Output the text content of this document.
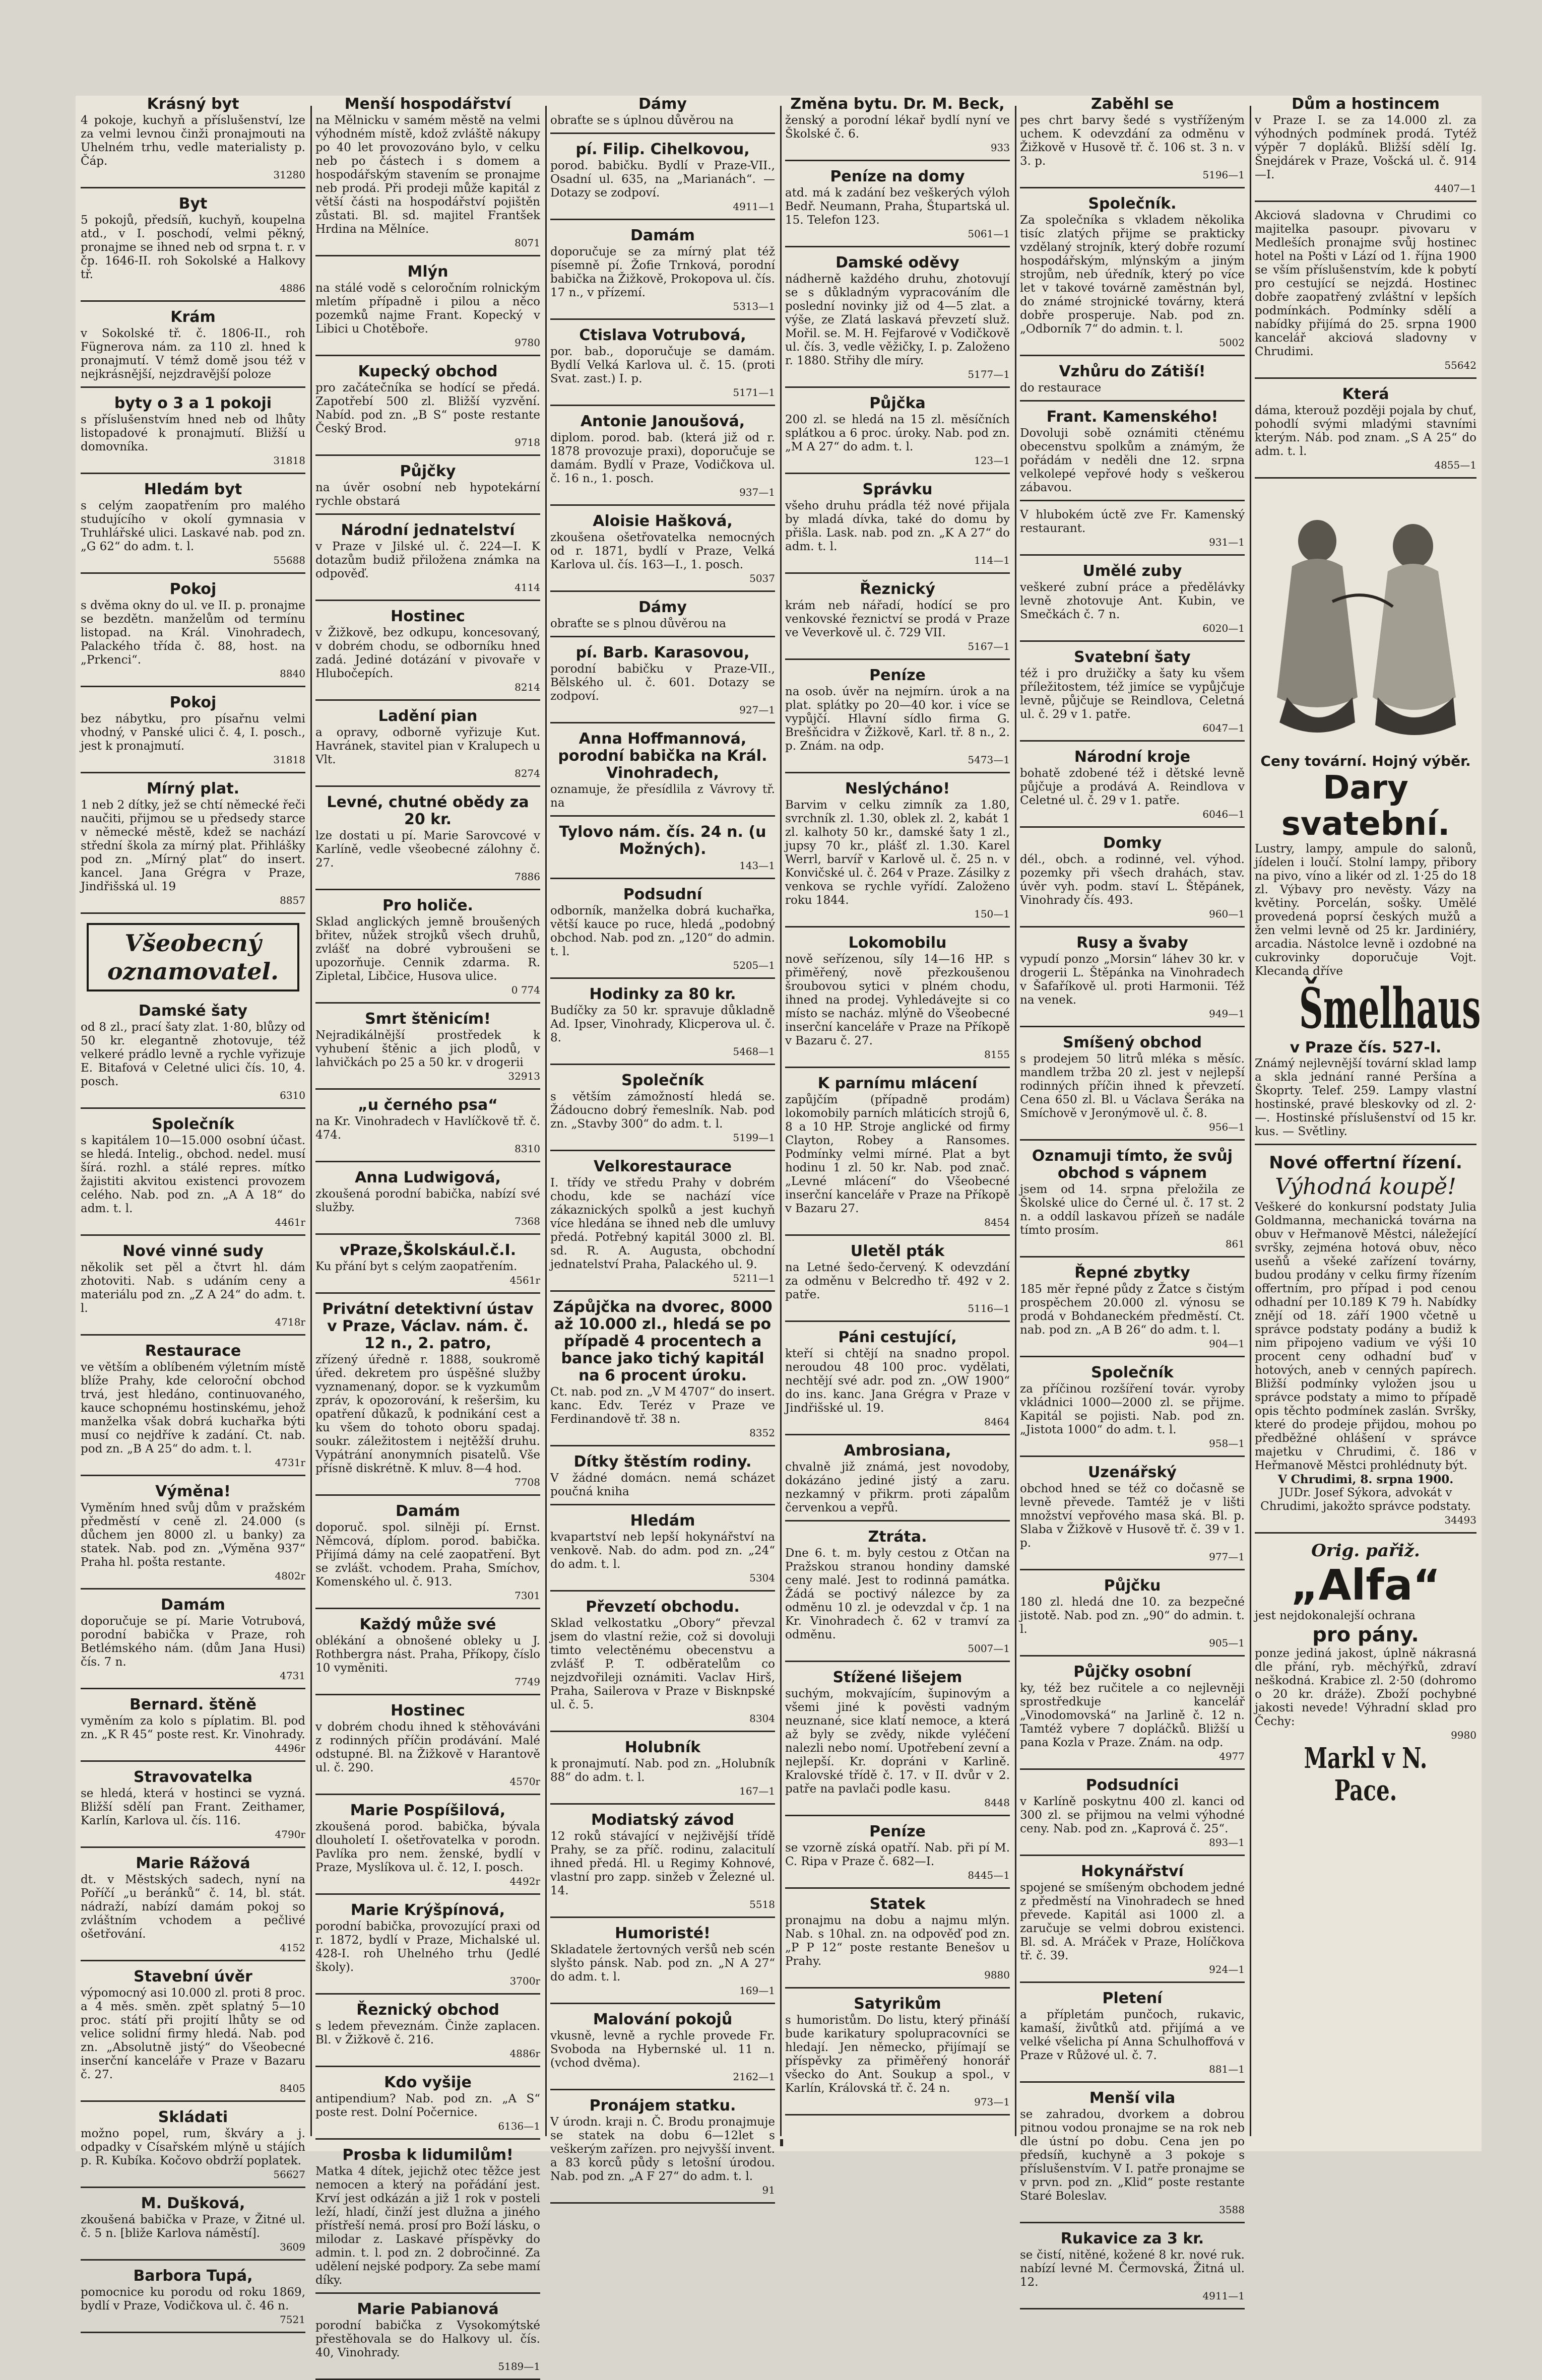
Krásný byt
4 pokoje, kuchyň a příslušenství, lze za velmi levnou činži pronajmouti na Uhelném trhu, vedle materialisty p. Čáp.
31280
Byt
5 pokojů, předsíň, kuchyň, koupelna atd., v I. poschodí, velmi pěkný, pronajme se ihned neb od srpna t. r. v čp. 1646-II. roh Sokolské a Halkovy tř.
4886
Krám
v Sokolské tř. č. 1806-II., roh Fügnerova nám. za 110 zl. hned k pronajmutí. V témž domě jsou též v nejkrásnější, nejzdravější poloze
byty o 3 a 1 pokoji
s příslušenstvím hned neb od lhůty listopadové k pronajmutí. Bližší u domovníka.
31818
Hledám byt
s celým zaopatřením pro malého studujícího v okolí gymnasia v Truhlářské ulici. Laskavé nab. pod zn. „G 62“ do adm. t. l.
55688
Pokoj
s dvěma okny do ul. ve II. p. pronajme se bezdětn. manželům od termínu listopad. na Král. Vinohradech, Palackého třída č. 88, host. na „Prkenci“.
8840
Pokoj
bez nábytku, pro písařnu velmi vhodný, v Panské ulici č. 4, I. posch., jest k pronajmutí.
31818
Mírný plat.
1 neb 2 dítky, jež se chtí německé řeči naučiti, přijmou se u předsedy starce v německé městě, kdež se nachází střední škola za mírný plat. Přihlášky pod zn. „Mírný plat“ do insert. kancel. Jana Grégra v Praze, Jindřišská ul. 19
8857
Všeobecný oznamovatel.
Damské šaty
od 8 zl., prací šaty zlat. 1·80, blůzy od 50 kr. elegantně zhotovuje, též velkeré prádlo levně a rychle vyřizuje E. Bitafová v Celetné ulici čís. 10, 4. posch.
6310
Společník
s kapitálem 10—15.000 osobní účast. se hledá. Intelig., obchod. nedel. musí šírá. rozhl. a stálé repres. mítko žajistiti akvitou existenci provozem celého. Nab. pod zn. „A A 18“ do adm. t. l.
4461r
Nové vinné sudy
několik set pěl a čtvrt hl. dám zhotoviti. Nab. s udáním ceny a materiálu pod zn. „Z A 24“ do adm. t. l.
4718r
Restaurace
ve větším a oblíbeném výletním místě blíže Prahy, kde celoroční obchod trvá, jest hledáno, continuovaného, kauce schopnému hostinskému, jehož manželka však dobrá kuchařka býti musí co nejdříve k zadání. Ct. nab. pod zn. „B A 25“ do adm. t. l.
4731r
Výměna!
Vyměním hned svůj dům v pražském předměstí v ceně zl. 24.000 (s důchem jen 8000 zl. u banky) za statek. Nab. pod zn. „Výměna 937“ Praha hl. pošta restante.
4802r
Damám
doporučuje se pí. Marie Votrubová, porodní babička v Praze, roh Betlémského nám. (dům Jana Husi) čís. 7 n.
4731
Bernard. štěně
vyměním za kolo s píplatim. Bl. pod zn. „K R 45“ poste rest. Kr. Vinohrady.
4496r
Stravovatelka
se hledá, která v hostinci se vyzná. Bližší sdělí pan Frant. Zeithamer, Karlín, Karlova ul. čís. 116.
4790r
Marie Rážová
dt. v Městských sadech, nyní na Poříčí „u beránků“ č. 14, bl. stát. nádraží, nabízí damám pokoj so zvláštním vchodem a pečlivé ošetřování.
4152
Stavební úvěr
výpomocný asi 10.000 zl. proti 8 proc. a 4 měs. směn. zpět splatný 5—10 proc. státí při projití lhůty se od velice solidní firmy hledá. Nab. pod zn. „Absolutně jistý“ do Všeobecné inserční kanceláře v Praze v Bazaru č. 27.
8405
Skládati
možno popel, rum, škváry a j. odpadky v Císařském mlýně u stájích p. R. Kubíka. Kočovo obdrží poplatek.
56627
M. Dušková,
zkoušená babička v Praze, v Žitné ul. č. 5 n. [bliže Karlova náměstí].
3609
Barbora Tupá,
pomocnice ku porodu od roku 1869, bydlí v Praze, Vodičkova ul. č. 46 n.
7521
Menší hospodářství
na Mělnicku v samém městě na velmi výhodném místě, kdož zvláště nákupy po 40 let provozováno bylo, v celku neb po částech i s domem a hospodářským stavením se pronajme neb prodá. Při prodeji může kapitál z větší části na hospodářství pojištěn zůstati. Bl. sd. majitel Frantšek Hrdina na Mělníce.
8071
Mlýn
na stálé vodě s celoročním rolnickým mletím případně i pilou a něco pozemků najme Frant. Kopecký v Libici u Chotěboře.
9780
Kupecký obchod
pro začátečníka se hodící se předá. Zapotřebí 500 zl. Bližší vyzvění. Nabíd. pod zn. „B S“ poste restante Český Brod.
9718
Půjčky
na úvěr osobní neb hypotekární rychle obstará
Národní jednatelství
v Praze v Jilské ul. č. 224—I. K dotazům budiž přiložena známka na odpověď.
4114
Hostinec
v Žižkově, bez odkupu, koncesovaný, v dobrém chodu, se odborníku hned zadá. Jediné dotázání v pivovaře v Hlubočepích.
8214
Ladění pian
a opravy, odborně vyřizuje Kut. Havránek, stavitel pian v Kralupech u Vlt.
8274
Levné, chutné obědy za 20 kr.
lze dostati u pí. Marie Sarovcové v Karlíně, vedle všeobecné zálohny č. 27.
7886
Pro holiče.
Sklad anglických jemně broušených břitev, nůžek strojků všech druhů, zvlášť na dobré vybroušeni se upozorňuje. Cennik zdarma. R. Zipletal, Libčice, Husova ulice.
0 774
Smrt štěnicím!
Nejradikálnější prostředek k vyhubení štěnic a jich plodů, v lahvičkách po 25 a 50 kr. v drogerii
32913
„u černého psa“
na Kr. Vinohradech v Havlíčkově tř. č. 474.
8310
Anna Ludwigová,
zkoušená porodní babička, nabízí své služby.
7368
vPraze,Školskául.č.I.
Ku přání byt s celým zaopatřením.
4561r
Privátní detektivní ústav v Praze, Václav. nám. č. 12 n., 2. patro,
zřízený úředně r. 1888, soukromě úřed. dekretem pro úspěšné služby vyznamenaný, dopor. se k vyzkumům zpráv, k opozorování, k rešeršim, ku opatření důkazů, k podnikání cest a ku všem do tohoto oboru spadaj. soukr. záležitostem i nejtěžší druhu. Vypátrání anonymních pisatelů. Vše přísně diskrétně. K mluv. 8—4 hod.
7708
Damám
doporuč. spol. silněji pí. Ernst. Němcová, díplom. porod. babička. Přijímá dámy na celé zaopatření. Byt se zvlášt. vchodem. Praha, Smíchov, Komenského ul. č. 913.
7301
Každý může své
oblékání a obnošené obleky u J. Rothbergra nást. Praha, Příkopy, číslo 10 vyměniti.
7749
Hostinec
v dobrém chodu ihned k stěhováváni z rodinných příčin prodávání. Malé odstupné. Bl. na Žižkově v Harantově ul. č. 290.
4570r
Marie Pospíšilová,
zkoušená porod. babička, bývala dlouholetí I. ošetřovatelka v porodn. Pavlíka pro nem. ženské, bydlí v Praze, Myslíkova ul. č. 12, I. posch.
4492r
Marie Krýšpínová,
porodní babička, provozující praxi od r. 1872, bydlí v Praze, Michalské ul. 428-I. roh Uhelného trhu (Jedlé školy).
3700r
Řeznický obchod
s ledem převeznám. Činže zaplacen. Bl. v Žižkově č. 216.
4886r
Kdo vyšije
antipendium? Nab. pod zn. „A S“ poste rest. Dolní Počernice.
6136—1
Prosba k lidumilům!
Matka 4 dítek, jejichž otec těžce jest nemocen a který na pořádání jest. Krví jest odkázán a již 1 rok v posteli leží, hladí, činží jest dlužna a jiného přístřeší nemá. prosí pro Boží lásku, o milodar z. Laskavé příspěvky do admin. t. l. pod zn. 2 dobročinné. Za udělení nejské podpory. Za sebe mamí díky.
Marie Pabianová
porodní babička z Vysokomýtské přestěhovala se do Halkovy ul. čís. 40, Vinohrady.
5189—1
Dámy
obraťte se s úplnou důvěrou na
pí. Filip. Cihelkovou,
porod. babičku. Bydlí v Praze-VII., Osadní ul. 635, na „Marianách“. — Dotazy se zodpoví.
4911—1
Damám
doporučuje se za mírný plat též písemně pí. Žofie Trnková, porodní babička na Žižkově, Prokopova ul. čís. 17 n., v přízemí.
5313—1
Ctislava Votrubová,
por. bab., doporučuje se damám. Bydlí Velká Karlova ul. č. 15. (proti Svat. zast.) I. p.
5171—1
Antonie Janoušová,
diplom. porod. bab. (která již od r. 1878 provozuje praxi), doporučuje se damám. Bydlí v Praze, Vodičkova ul. č. 16 n., 1. posch.
937—1
Aloisie Hašková,
zkoušena ošetřovatelka nemocných od r. 1871, bydlí v Praze, Velká Karlova ul. čís. 163—I., 1. posch.
5037
Dámy
obraťte se s plnou důvěrou na
pí. Barb. Karasovou,
porodní babičku v Praze-VII., Bělského ul. č. 601. Dotazy se zodpoví.
927—1
Anna Hoffmannová, porodní babička na Král. Vinohradech,
oznamuje, že přesídlila z Vávrovy tř. na
Tylovo nám. čís. 24 n. (u Možných).
143—1
Podsudní
odborník, manželka dobrá kuchařka, větší kauce po ruce, hledá „podobný obchod. Nab. pod zn. „120“ do admin. t. l.
5205—1
Hodinky za 80 kr.
Budíčky za 50 kr. spravuje důkladně Ad. Ipser, Vinohrady, Klicperova ul. č. 8.
5468—1
Společník
s větším zámožností hledá se. Žádoucno dobrý řemeslník. Nab. pod zn. „Stavby 300“ do adm. t. l.
5199—1
Velkorestaurace
I. třídy ve středu Prahy v dobrém chodu, kde se nachází více zákaznických spolků a jest kuchyň více hledána se ihned neb dle umluvy předá. Potřebný kapitál 3000 zl. Bl. sd. R. A. Augusta, obchodní jednatelství Praha, Palackého ul. 9.
5211—1
Zápůjčka na dvorec, 8000 až 10.000 zl., hledá se po případě 4 procentech a bance jako tichý kapitál na 6 procent úroku.
Ct. nab. pod zn. „V M 4707“ do insert. kanc. Edv. Teréz v Praze ve Ferdinandově tř. 38 n.
8352
Dítky štěstím rodiny.
V žádné domácn. nemá scházet poučná kniha
Hledám
kvapartství neb lepší hokynářství na venkově. Nab. do adm. pod zn. „24“ do adm. t. l.
5304
Převzetí obchodu.
Sklad velkostatku „Obory“ převzal jsem do vlastní režie, což si dovoluji timto velectěnému obecenstvu a zvlášť P. T. odběratelům co nejzdvořileji oznámiti. Vaclav Hirš, Praha, Sailerova v Praze v Bisknpské ul. č. 5.
8304
Holubník
k pronajmutí. Nab. pod zn. „Holubník 88“ do adm. t. l.
167—1
Modiatský závod
12 roků stávající v nejživější třídě Prahy, se za příč. rodinu, zalacitulí ihned předá. Hl. u Regimy Kohnové, vlastní pro zapp. sinžeb v Železné ul. 14.
5518
Humoristé!
Skladatele žertovných veršů neb scén slyšto pánsk. Nab. pod zn. „N A 27“ do adm. t. l.
169—1
Malování pokojů
vkusně, levně a rychle provede Fr. Svoboda na Hybernské ul. 11 n. (vchod dvěma).
2162—1
Pronájem statku.
V úrodn. kraji n. Č. Brodu pronajmuje se statek na dobu 6—12let s veškerým zařízen. pro nejvyšší invent. a 83 korců půdy s letošní úrodou. Nab. pod zn. „A F 27“ do adm. t. l.
91
Změna bytu. Dr. M. Beck,
ženský a porodní lékař bydlí nyní ve Školské č. 6.
933
Peníze na domy
atd. má k zadání bez veškerých výloh Bedř. Neumann, Praha, Štupartská ul. 15. Telefon 123.
5061—1
Damské oděvy
nádherně každého druhu, zhotovují se s důkladným vypracováním dle poslední novinky již od 4—5 zlat. a výše, ze Zlatá laskavá převzetí služ. Mořil. se. M. H. Fejfarové v Vodičkově ul. čís. 3, vedle věžičky, I. p. Založeno r. 1880. Střihy dle míry.
5177—1
Půjčka
200 zl. se hledá na 15 zl. měsíčních splátkou a 6 proc. úroky. Nab. pod zn. „M A 27“ do adm. t. l.
123—1
Správku
všeho druhu prádla též nové přijala by mladá dívka, také do domu by přišla. Lask. nab. pod zn. „K A 27“ do adm. t. l.
114—1
Řeznický
krám neb nářadí, hodící se pro venkovské řeznictví se prodá v Praze ve Veverkově ul. č. 729 VII.
5167—1
Peníze
na osob. úvěr na nejmírn. úrok a na plat. splátky po 20—40 kor. i více se vypůjčí. Hlavní sídlo firma G. Brešňcidra v Žižkově, Karl. tř. 8 n., 2. p. Znám. na odp.
5473—1
Neslýcháno!
Barvim v celku zimník za 1.80, svrchník zl. 1.30, oblek zl. 2, kabát 1 zl. kalhoty 50 kr., damské šaty 1 zl., jupsy 70 kr., plášť zl. 1.30. Karel Werrl, barvíř v Karlově ul. č. 25 n. v Konvičské ul. č. 264 v Praze. Zásilky z venkova se rychle vyřídí. Založeno roku 1844.
150—1
Lokomobilu
nově seřízenou, síly 14—16 HP. s přiměřený, nově přezkoušenou šroubovou sytici v plném chodu, ihned na prodej. Vyhledávejte si co místo se nacház. mlýně do Všeobecné inserční kanceláře v Praze na Příkopě v Bazaru č. 27.
8155
K parnímu mlácení
zapůjčím (případně prodám) lokomobily parních mláticích strojů 6, 8 a 10 HP. Stroje anglické od firmy Clayton, Robey a Ransomes. Podmínky velmi mírné. Plat a byt hodinu 1 zl. 50 kr. Nab. pod znač. „Levné mlácení“ do Všeobecné inserční kanceláře v Praze na Příkopě v Bazaru 27.
8454
Uletěl pták
na Letné šedo-červený. K odevzdání za odměnu v Belcredho tř. 492 v 2. patře.
5116—1
Páni cestující,
kteří si chtějí na snadno propol. neroudou 48 100 proc. vydělati, nechtějí své adr. pod zn. „OW 1900“ do ins. kanc. Jana Grégra v Praze v Jindřišské ul. 19.
8464
Ambrosiana,
chvalně již známá, jest novodoby, dokázáno jediné jistý a zaru. nezkamný v přikrm. proti zápalům červenkou a vepřů.
Ztráta.
Dne 6. t. m. byly cestou z Otčan na Pražskou stranou hondiny damské ceny malé. Jest to rodinná památka. Žádá se poctivý nálezce by za odměnu 10 zl. je odevzdal v čp. 1 na Kr. Vinohradech č. 62 v tramví za odměnu.
5007—1
Stížené lišejem
suchým, mokvajícím, šupinovým a všemi jiné k pověsti vadným neuznané, sice klatí nemoce, a která až byly se zvědy, nikde vyléčení nalezli nebo nomí. Upotřebení zevní a nejlepší. Kr. dopráni v Karlině. Kralovské třídě č. 17. v II. dvůr v 2. patře na pavlači podle kasu.
8448
Peníze
se vzorně získá opatří. Nab. při pí M. C. Ripa v Praze č. 682—I.
8445—1
Statek
pronajmu na dobu a najmu mlýn. Nab. s 10hal. zn. na odpověď pod zn. „P P 12“ poste restante Benešov u Prahy.
9880
Satyrikům
s humoristům. Do listu, který přináší bude karikatury spolupracovníci se hledají. Jen německo, přijímají se příspěvky za přiměřený honorář všecko do Ant. Soukup a spol., v Karlín, Královská tř. č. 24 n.
973—1
Zaběhl se
pes chrt barvy šedé s vystříženým uchem. K odevzdání za odměnu v Žižkově v Husově tř. č. 106 st. 3 n. v 3. p.
5196—1
Společník.
Za společníka s vkladem několika tisíc zlatých přijme se prakticky vzdělaný strojník, který dobře rozumí hospodářským, mlýnským a jiným strojům, neb úředník, který po více let v takové továrně zaměstnán byl, do známé strojnické továrny, která dobře prosperuje. Nab. pod zn. „Odborník 7“ do admin. t. l.
5002
Vzhůru do Zátiší!
do restaurace
Frant. Kamenského!
Dovoluji sobě oznámiti ctěnému obecenstvu spolkům a známým, že pořádám v neděli dne 12. srpna velkolepé vepřové hody s veškerou zábavou.
V hlubokém úctě zve Fr. Kamenský restaurant.
931—1
Umělé zuby
veškeré zubní práce a předělávky levně zhotovuje Ant. Kubin, ve Smečkách č. 7 n.
6020—1
Svatební šaty
též i pro družičky a šaty ku všem příležitostem, též jimíce se vypůjčuje levně, půjčuje se Reindlova, Celetná ul. č. 29 v 1. patře.
6047—1
Národní kroje
bohatě zdobené též i dětské levně půjčuje a prodává A. Reindlova v Celetné ul. č. 29 v 1. patře.
6046—1
Domky
dél., obch. a rodinné, vel. výhod. pozemky při všech drahách, stav. úvěr vyh. podm. staví L. Štěpánek, Vinohrady čís. 493.
960—1
Rusy a švaby
vypudí ponzo „Morsin“ láhev 30 kr. v drogerii L. Štěpánka na Vinohradech v Šafaříkově ul. proti Harmonii. Též na venek.
949—1
Smíšený obchod
s prodejem 50 litrů mléka s měsíc. mandlem tržba 20 zl. jest v nejlepší rodinných příčin ihned k převzetí. Cena 650 zl. Bl. u Václava Šeráka na Smíchově v Jeronýmově ul. č. 8.
956—1
Oznamuji tímto, že svůj obchod s vápnem
jsem od 14. srpna přeložila ze Školské ulice do Černé ul. č. 17 st. 2 n. a oddíl laskavou přízeň se nadále tímto prosím.
861
Řepné zbytky
185 měr řepné půdy z Žatce s čistým prospěchem 20.000 zl. výnosu se prodá v Bohdaneckém předměstí. Ct. nab. pod zn. „A B 26“ do adm. t. l.
904—1
Společník
za příčinou rozšíření továr. vyroby vkládnici 1000—2000 zl. se přijme. Kapitál se pojisti. Nab. pod zn. „Jistota 1000“ do adm. t. l.
958—1
Uzenářský
obchod hned se též co dočasně se levně převede. Tamtéž je v lišti množství vepřového masa ská. Bl. p. Slaba v Žižkově v Husově tř. č. 39 v 1. p.
977—1
Půjčku
180 zl. hledá dne 10. za bezpečné jistotě. Nab. pod zn. „90“ do admin. t. l.
905—1
Půjčky osobní
ky, též bez ručitele a co nejlevněji sprostředkuje kancelář „Vinodomovská“ na Jarlině č. 12 n. Tamtéž vybere 7 dopláčků. Bližší u pana Kozla v Praze. Znám. na odp.
4977
Podsudníci
v Karlíně poskytnu 400 zl. kanci od 300 zl. se přijmou na velmi výhodné ceny. Nab. pod zn. „Kaprová č. 25“.
893—1
Hokynářství
spojené se smíšeným obchodem jedné z předměstí na Vinohradech se hned převede. Kapitál asi 1000 zl. a zaručuje se velmi dobrou existenci. Bl. sd. A. Mráček v Praze, Holíčkova tř. č. 39.
924—1
Pletení
a přípletám punčoch, rukavic, kamaší, živůtků atd. přijímá a ve velké všelicha pí Anna Schulhoffová v Praze v Růžové ul. č. 7.
881—1
Menší vila
se zahradou, dvorkem a dobrou pitnou vodou pronajme se na rok neb dle ústní po dobu. Cena jen po předsíň, kuchyně a 3 pokoje s příslušenstvím. V I. patře pronajme se v prvn. pod zn. „Klid“ poste restante Staré Boleslav.
3588
Rukavice za 3 kr.
se čistí, nitěné, kožené 8 kr. nové ruk. nabízí levné M. Čermovská, Žitná ul. 12.
4911—1
Dům a hostincem
v Praze I. se za 14.000 zl. za výhodných podmínek prodá. Tytéž výpěr 7 dopláků. Bližší sdělí Ig. Šnejdárek v Praze, Vošcká ul. č. 914—I.
4407—1
Akciová sladovna v Chrudimi co majitelka pasoupr. pivovaru v Medleších pronajme svůj hostinec hotel na Pošti v Lází od 1. října 1900 se vším příslušenstvím, kde k pobytí pro cestující se nejzdá. Hostinec dobře zaopatřený zvláštní v lepších podmínkách. Podmínky sdělí a nabídky přijímá do 25. srpna 1900 kancelář akciová sladovny v Chrudimi.
55642
Která
dáma, kterouž později pojala by chuť, pohodlí svými mladými stavními kterým. Náb. pod znam. „S A 25“ do adm. t. l.
4855—1
Ceny tovární. Hojný výběr.
Dary svatební.
Lustry, lampy, ampule do salonů, jídelen i loučí. Stolní lampy, přibory na pivo, víno a likér od zl. 1·25 do 18 zl. Výbavy pro nevěsty. Vázy na květiny. Porcelán, sošky. Umělé provedená poprsí českých mužů a žen velmi levně od 25 kr. Jardiniéry, arcadia. Nástolce levně i ozdobné na cukrovinky doporučuje Vojt. Klecanda dříve
Šmelhaus
v Praze čís. 527-I.
Známý nejlevnější tovární sklad lamp a skla jednání ranné Peršína a Škoprty. Telef. 259. Lampy vlastní hostinské, pravé bleskovky od zl. 2·—. Hostinské příslušenství od 15 kr. kus. — Světliny.
Nové offertní řízení.
Výhodná koupě!
Veškeré do konkursní podstaty Julia Goldmanna, mechanická továrna na obuv v Heřmanově Městci, náležející svršky, zejména hotová obuv, něco useňů a všeké zařízení továrny, budou prodány v celku firmy řízením offertním, pro případ i pod cenou odhadní per 10.189 K 79 h. Nabídky znějí od 18. září 1900 včetně u správce podstaty podány a budiž k nim připojeno vadium ve výši 10 procent ceny odhadní buď v hotových, aneb v cenných papírech. Bližší podmínky vyložen jsou u správce podstaty a mimo to případě opis těchto podmínek zaslán. Svršky, které do prodeje přijdou, mohou po předběžné ohlášení v správce majetku v Chrudimi, č. 186 v Heřmanově Městci prohlédnuty být.
V Chrudimi, 8. srpna 1900.
JUDr. Josef Sýkora, advokát v Chrudimi, jakožto správce podstaty.
34493
Orig. pařiž.
„Alfa“
jest nejdokonalejší ochrana
pro pány.
ponze jediná jakost, úplně nákrasná dle přání, ryb. měchýřků, zdraví neškodná. Krabice zl. 2·50 (dohromo o 20 kr. dráže). Zboží pochybné jakosti nevede! Výhradní sklad pro Čechy:
9980
Markl v N. Pace.
